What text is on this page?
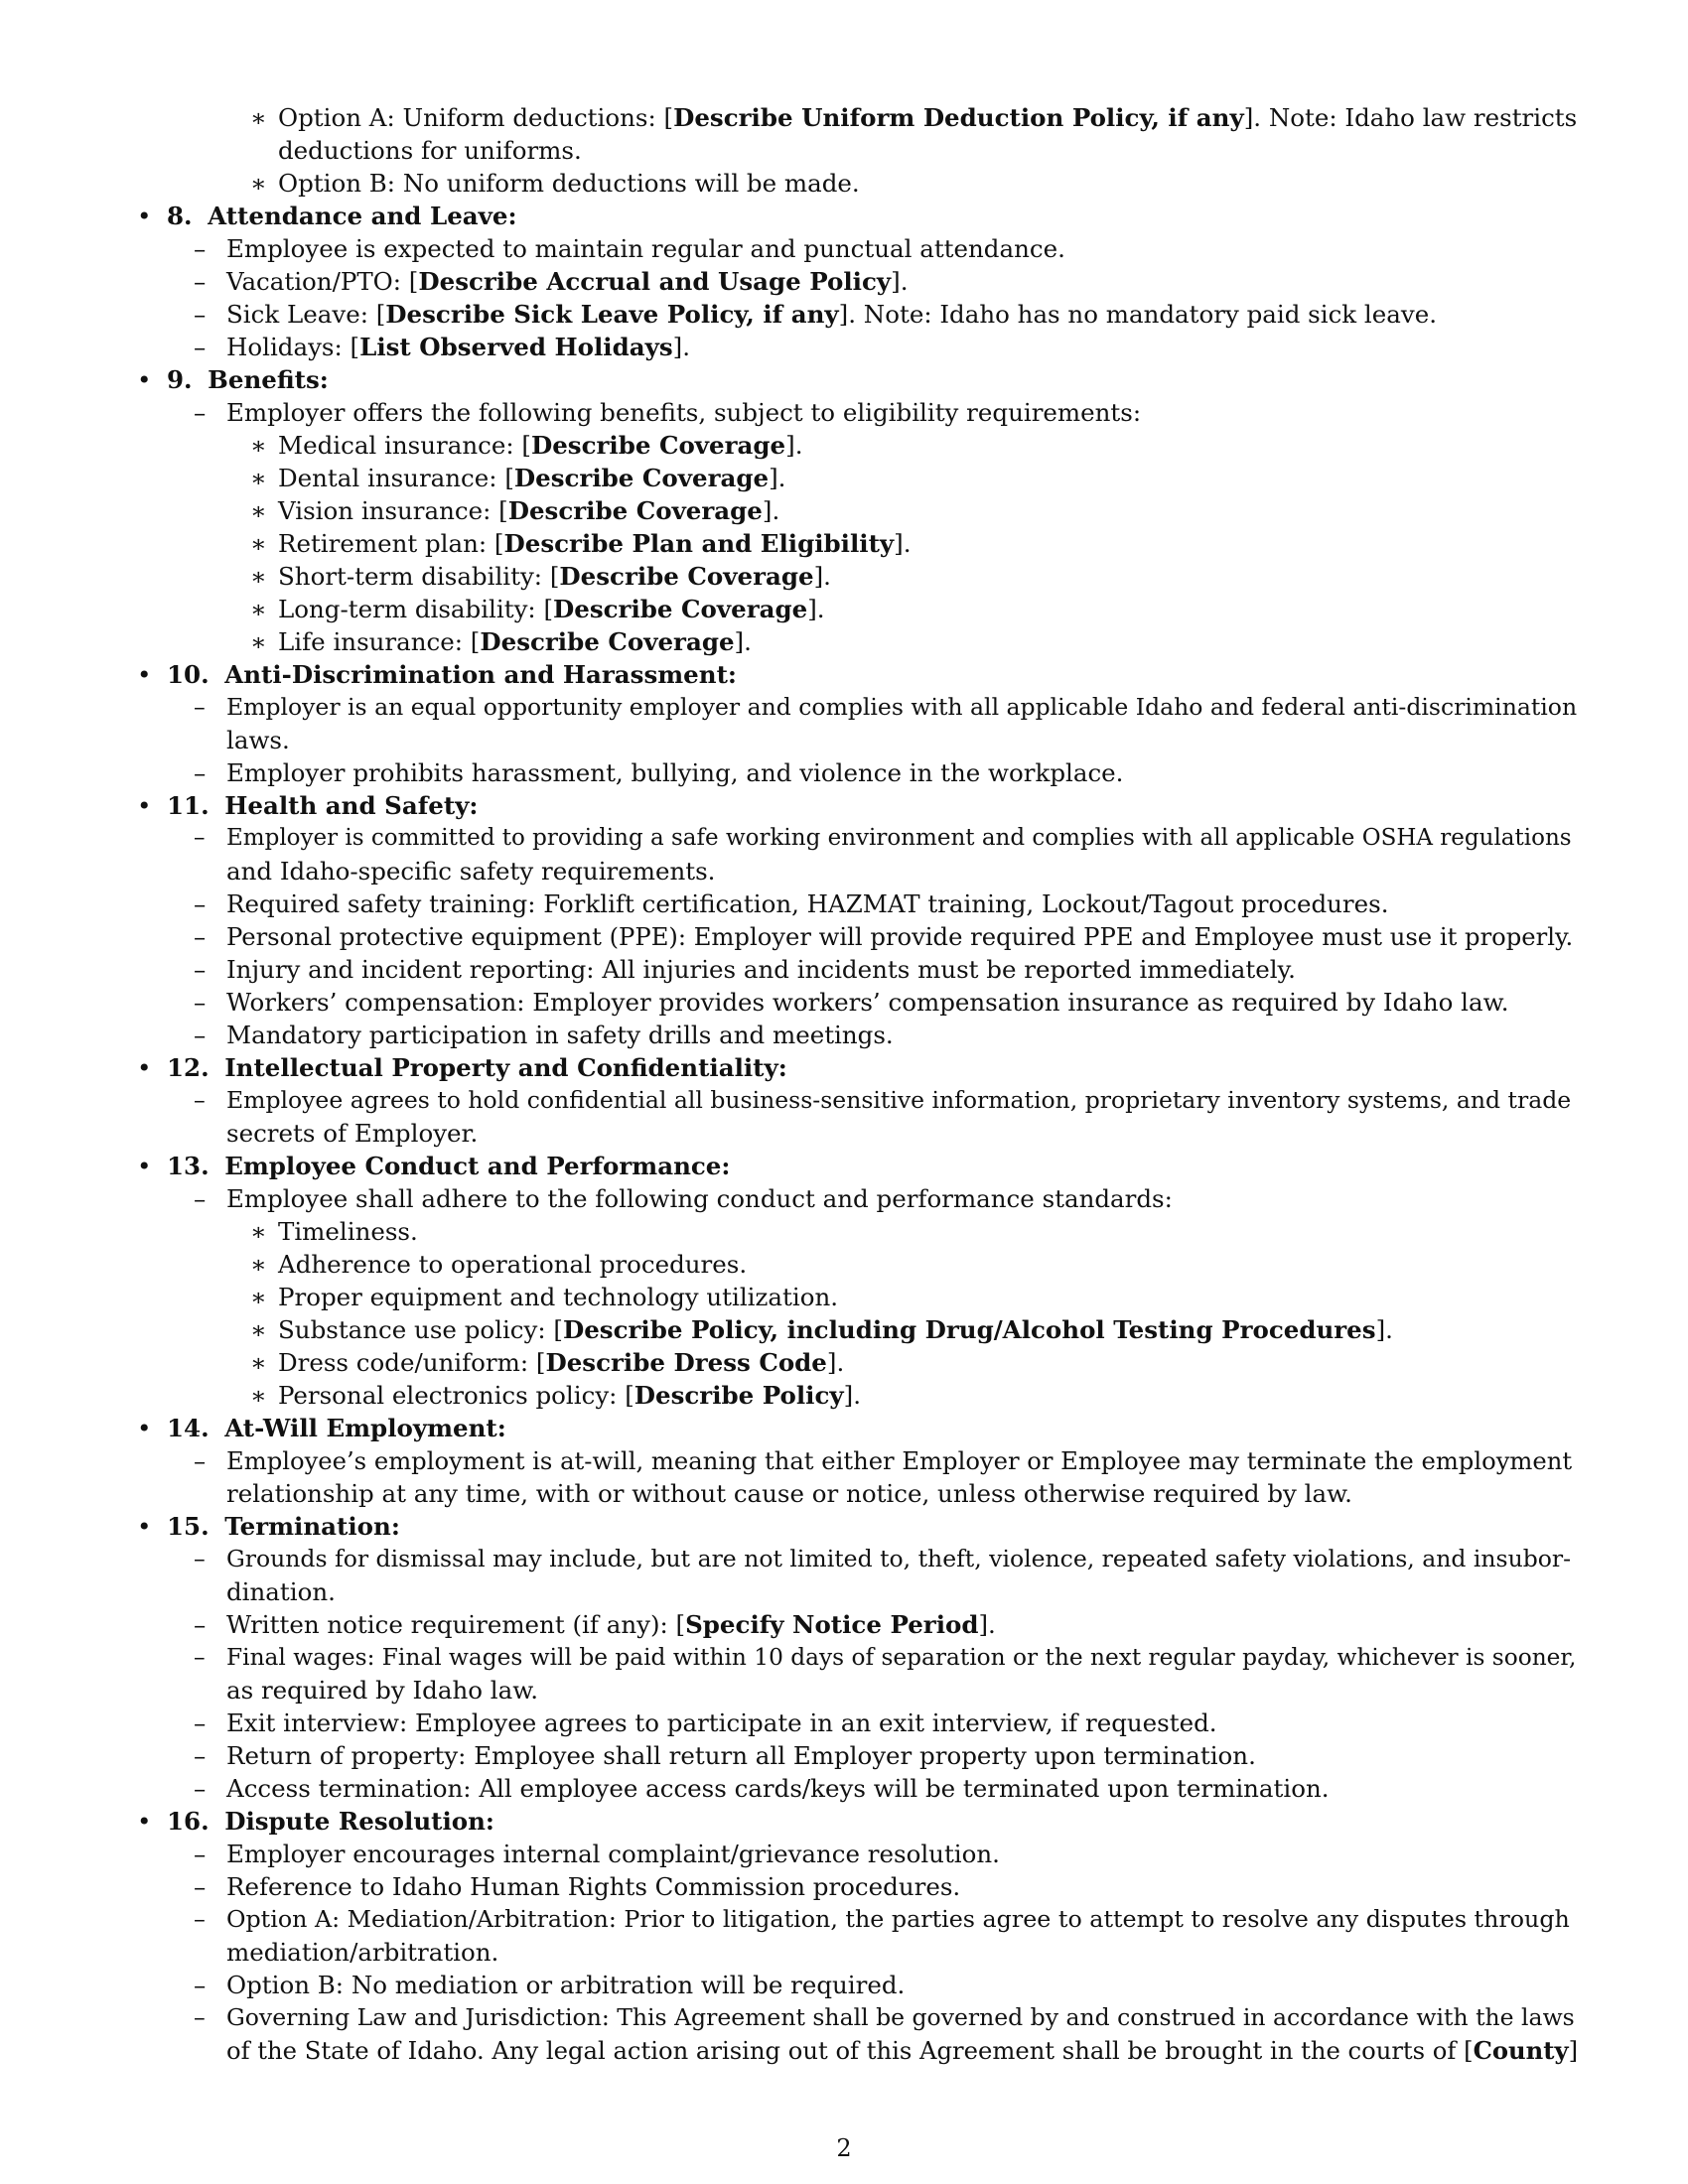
∗ Option A: Uniform deductions: [Describe Uniform Deduction Policy, if any]. Note: Idaho law restricts
deductions for uniforms.
∗ Option B: No uniform deductions will be made.
• 8. Attendance and Leave:
– Employee is expected to maintain regular and punctual attendance.
– Vacation/PTO: [Describe Accrual and Usage Policy].
– Sick Leave: [Describe Sick Leave Policy, if any]. Note: Idaho has no mandatory paid sick leave.
– Holidays: [List Observed Holidays].
• 9. Benefits:
– Employer offers the following benefits, subject to eligibility requirements:
∗ Medical insurance: [Describe Coverage].
∗ Dental insurance: [Describe Coverage].
∗ Vision insurance: [Describe Coverage].
∗ Retirement plan: [Describe Plan and Eligibility].
∗ Short-term disability: [Describe Coverage].
∗ Long-term disability: [Describe Coverage].
∗ Life insurance: [Describe Coverage].
• 10. Anti-Discrimination and Harassment:
– Employer is an equal opportunity employer and complies with all applicable Idaho and federal anti-discrimination
laws.
– Employer prohibits harassment, bullying, and violence in the workplace.
• 11. Health and Safety:
– Employer is committed to providing a safe working environment and complies with all applicable OSHA regulations
and Idaho-specific safety requirements.
– Required safety training: Forklift certification, HAZMAT training, Lockout/Tagout procedures.
– Personal protective equipment (PPE): Employer will provide required PPE and Employee must use it properly.
– Injury and incident reporting: All injuries and incidents must be reported immediately.
– Workers’ compensation: Employer provides workers’ compensation insurance as required by Idaho law.
– Mandatory participation in safety drills and meetings.
• 12. Intellectual Property and Confidentiality:
– Employee agrees to hold confidential all business-sensitive information, proprietary inventory systems, and trade
secrets of Employer.
• 13. Employee Conduct and Performance:
– Employee shall adhere to the following conduct and performance standards:
∗ Timeliness.
∗ Adherence to operational procedures.
∗ Proper equipment and technology utilization.
∗ Substance use policy: [Describe Policy, including Drug/Alcohol Testing Procedures].
∗ Dress code/uniform: [Describe Dress Code].
∗ Personal electronics policy: [Describe Policy].
• 14. At-Will Employment:
– Employee’s employment is at-will, meaning that either Employer or Employee may terminate the employment
relationship at any time, with or without cause or notice, unless otherwise required by law.
• 15. Termination:
– Grounds for dismissal may include, but are not limited to, theft, violence, repeated safety violations, and insubor-
dination.
– Written notice requirement (if any): [Specify Notice Period].
– Final wages: Final wages will be paid within 10 days of separation or the next regular payday, whichever is sooner,
as required by Idaho law.
– Exit interview: Employee agrees to participate in an exit interview, if requested.
– Return of property: Employee shall return all Employer property upon termination.
– Access termination: All employee access cards/keys will be terminated upon termination.
• 16. Dispute Resolution:
– Employer encourages internal complaint/grievance resolution.
– Reference to Idaho Human Rights Commission procedures.
– Option A: Mediation/Arbitration: Prior to litigation, the parties agree to attempt to resolve any disputes through
mediation/arbitration.
– Option B: No mediation or arbitration will be required.
– Governing Law and Jurisdiction: This Agreement shall be governed by and construed in accordance with the laws
of the State of Idaho. Any legal action arising out of this Agreement shall be brought in the courts of [County]
2
